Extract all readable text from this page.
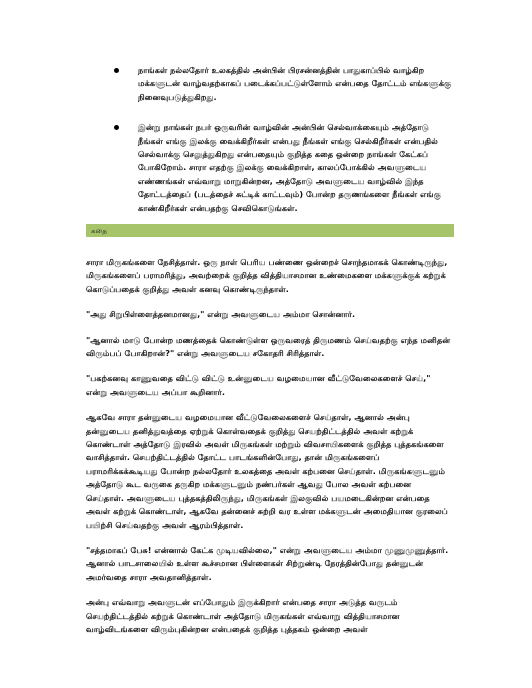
நாங்கள் நல்லதோர் உலகத்தில் அன்பின் பிரசன்னத்தின் பாதுகாப்பில் வாழ்கிற மக்களுடன் வாழ்வதற்காகப் படைக்கப்பட்டுள்ளோம் என்பதை தோட்டம் எங்களுக்கு நினைவுபடுத்துகிறது.
இன்று நாங்கள் நபர் ஒருவரின் வாழ்வின் அன்பின் செல்வாக்கையும் அத்தோடு நீங்கள் எங்கு இலக்கு வைக்கிறீர்கள் என்பது நீங்கள் எங்கு செல்கிறீர்கள் என்பதில் செல்வாக்கு செலுத்துகிறது என்பதையும் குறித்த கதை ஒன்றை நாங்கள் கேட்கப் போகிறோம். சாரா எதற்கு இலக்கு வைக்கிறாள், காலப்போக்கில் அவளுடைய எண்ணங்கள் எவ்வாறு மாறுகின்றன, அத்தோடு அவளுடைய வாழ்வில் இந்த தோட்டத்தைப் (படத்தைச் சுட்டிக் காட்டவும்) போன்ற தருணங்களை நீங்கள் எங்கு காண்கிறீர்கள் என்பதற்கு செவிகொடுங்கள்.
கதை

சாரா மிருகங்களை நேசித்தாள். ஒரு நாள் பெரிய பண்ணை ஒன்றைச் சொந்தமாகக் கொண்டிருந்து, மிருகங்களைப் பராமரித்து, அவற்றைக் குறித்த வித்தியாசமான உண்மைகளை மக்களுக்குக் கற்றுக் கொடுப்பதைக் குறித்து அவள் கனவு கொண்டிருந்தாள்.

"அது சிறுபிள்ளைத்தனமானது," என்று அவளுடைய அம்மா சொன்னார்.

"ஆனால் மாடு போன்ற மணத்தைக் கொண்டுள்ள ஒருவரைத் திருமணம் செய்வதற்கு எந்த மனிதன் விரும்பப் போகிறான்?" என்று அவளுடைய சகோதரி சிரித்தாள்.

"பகற்கனவு காணுவதை விட்டு விட்டு உன்னுடைய வழமையான வீட்டுவேலைகளைச் செய்," என்று அவளுடைய அப்பா கூறினார்.

ஆகவே சாரா தன்னுடைய வழமையான வீட்டுவேலைகளைச் செய்தாள், ஆனால் அன்பு தன்னுடைய தனித்துவத்தை ஏற்றுக் கொள்வதைக் குறித்து செயற்திட்டத்தில் அவள் கற்றுக் கொண்டாள் அத்தோடு இரவில் அவள் மிருகங்கள் மற்றும் விவசாயிகளைக் குறித்த புத்தகங்களை வாசித்தாள். செயற்திட்டத்தில் தோட்ட பாடங்களின்போது, தான் மிருகங்களைப் பராமரிக்கக்கூடியது போன்ற நல்லதோர் உலகத்தை அவள் கற்பனை செய்தாள். மிருகங்களுடனும் அத்தோடு கூட வருகை தருகிற மக்களுடனும் நண்பர்கள் ஆவது போல அவள் கற்பனை செய்தாள். அவளுடைய புத்தகத்திலிருந்து, மிருகங்கள் இலகுவில் பயமடைகின்றன என்பதை அவள் கற்றுக் கொண்டாள், ஆகவே தன்னைச் சுற்றி வர உள்ள மக்களுடன் அமைதியான குரலைப் பயிற்சி செய்வதற்கு அவள் ஆரம்பித்தாள்.

"சத்தமாகப் பேசு! என்னால் கேட்க முடியவில்லை," என்று அவளுடைய அம்மா முணுமுணுத்தார். ஆனால் பாடசாலையில் உள்ள கூச்சமான பிள்ளைகள் சிற்றுண்டி நேரத்தின்போது தன்னுடன் அமர்வதை சாரா அவதானித்தாள்.

அன்பு எவ்வாறு அவளுடன் எப்போதும் இருக்கிறார் என்பதை சாரா அடுத்த வருடம் செயற்திட்டத்தில் கற்றுக் கொண்டாள் அத்தோடு மிருகங்கள் எவ்வாறு வித்தியாசமான வாழ்விடங்களை விரும்புகின்றன என்பதைக் குறித்த புத்தகம் ஒன்றை அவள்
